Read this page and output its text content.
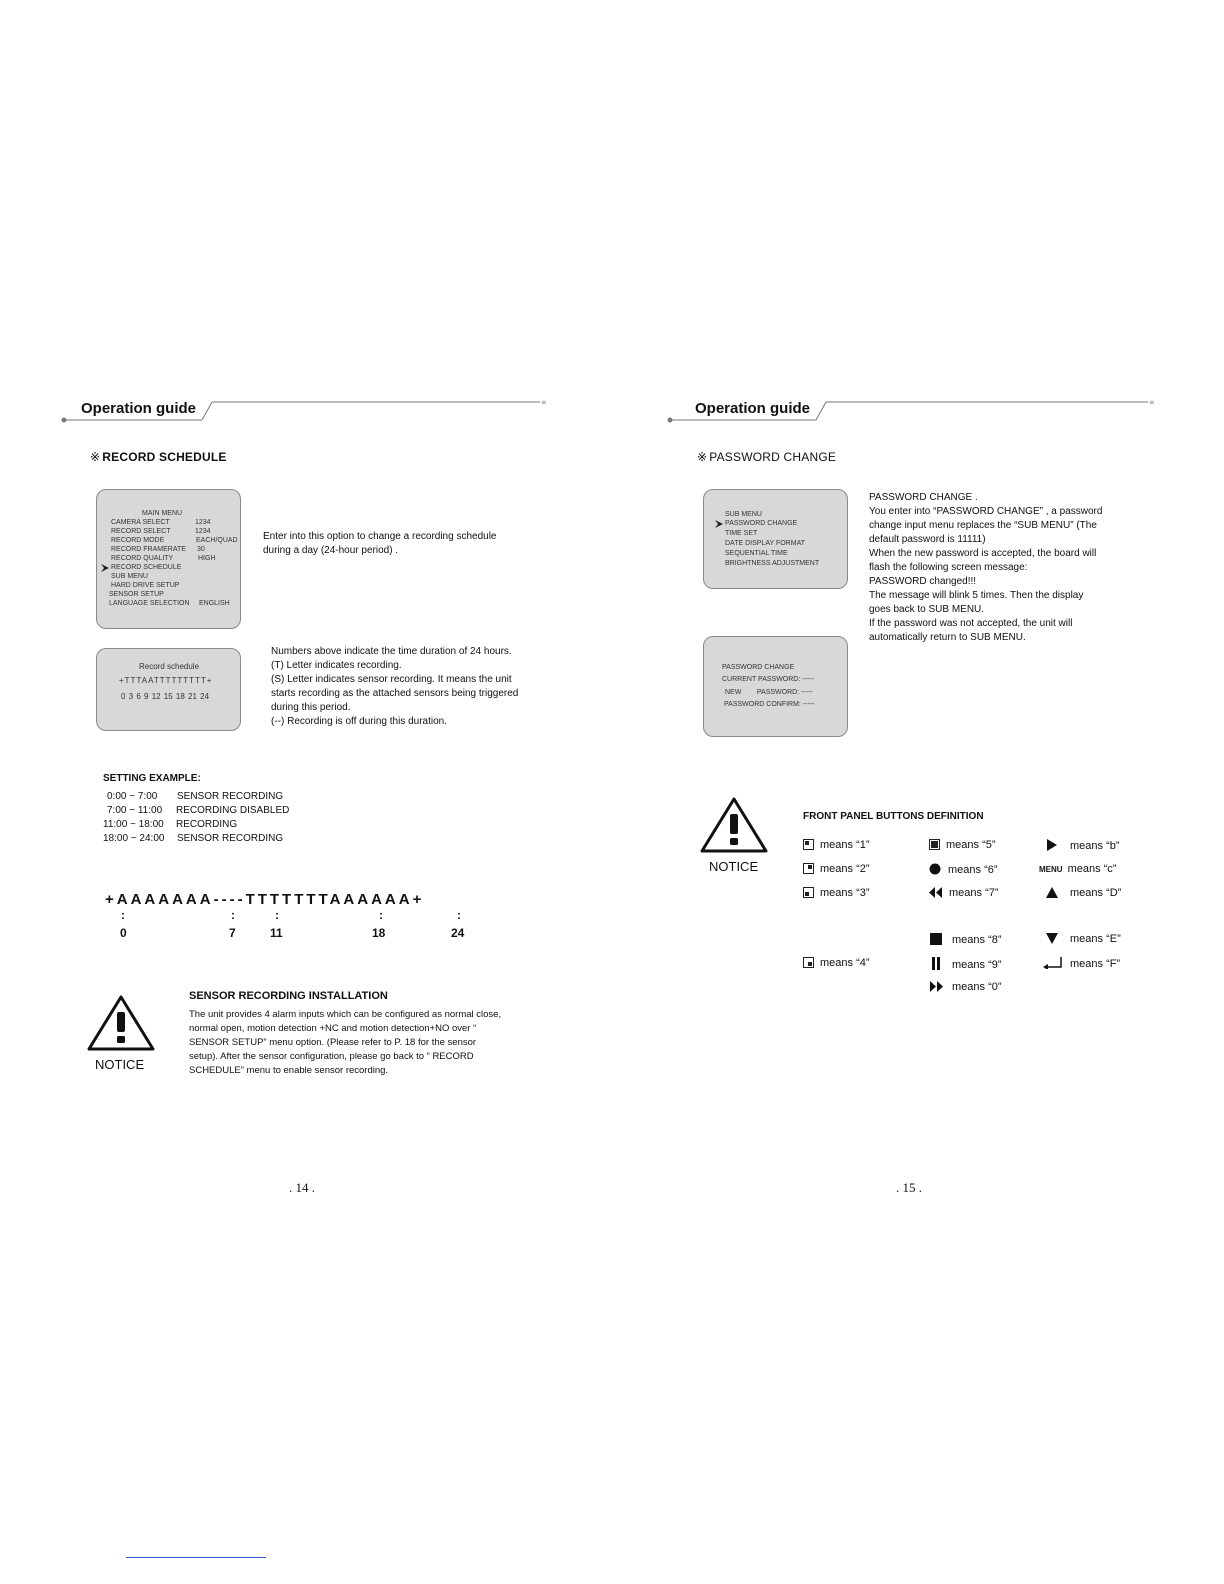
«
Operation guide
※ RECORD SCHEDULE
MAIN MENU
CAMERA SELECT	1234
RECORD SELECT	1234
RECORD MODE	EACH/QUAD
RECORD FRAMERATE 30
RECORD QUALITY	HIGH
RECORD SCHEDULE
SUB MENU
HARD DRIVE SETUP
SENSOR SETUP
LANGUAGE SELECTION ENGLISH
Enter into this option to change a recording schedule
during a day (24-hour period) .
Record schedule
+TTTAATTTTTTTTT+
0 3 6 9 12 15 18 21 24
Numbers above indicate the time duration of 24 hours.
(T) Letter indicates recording.
(S) Letter indicates sensor recording. It means the unit
starts recording as the attached sensors being triggered
during this period.
(--) Recording is off during this duration.
SETTING EXAMPLE:
0:00 ~ 7:00 SENSOR RECORDING
7:00 ~ 11:00 RECORDING DISABLED
11:00 ~ 18:00 RECORDING
18:00 ~ 24:00 SENSOR RECORDING
+AAAAAAA----TTTTTTTAAAAAA+
:	:	:	:	:
0	7	11	18	24
NOTICE
SENSOR RECORDING INSTALLATION
The unit provides 4 alarm inputs which can be configured as normal close,
normal open, motion detection +NC and motion detection+NO over “
SENSOR SETUP” menu option. (Please refer to P. 18 for the sensor
setup). After the sensor configuration, please go back to “ RECORD
SCHEDULE” menu to enable sensor recording.
. 14 .
«
Operation guide
※ PASSWORD CHANGE
SUB MENU
PASSWORD CHANGE
TIME SET
DATE DISPLAY FORMAT
SEQUENTIAL TIME
BRIGHTNESS ADJUSTMENT
PASSWORD CHANGE
CURRENT PASSWORD: -----
NEW        PASSWORD: -----
PASSWORD CONFIRM: -----
PASSWORD CHANGE .
You enter into “PASSWORD CHANGE” , a password
change input menu replaces the “SUB MENU” (The
default password is 11111)
When the new password is accepted, the board will
flash the following screen message:
PASSWORD changed!!!
The message will blink 5 times. Then the display
goes back to SUB MENU.
If the password was not accepted, the unit will
automatically return to SUB MENU.
NOTICE
FRONT PANEL BUTTONS DEFINITION
means “1”
means “2”
means “3”
means “4”
means “5”
means “6”
means “7”
means “8”
means “9”
means “0”
means “b”
MENU means “c”
means “D”
means “E”
means “F”
. 15 .
